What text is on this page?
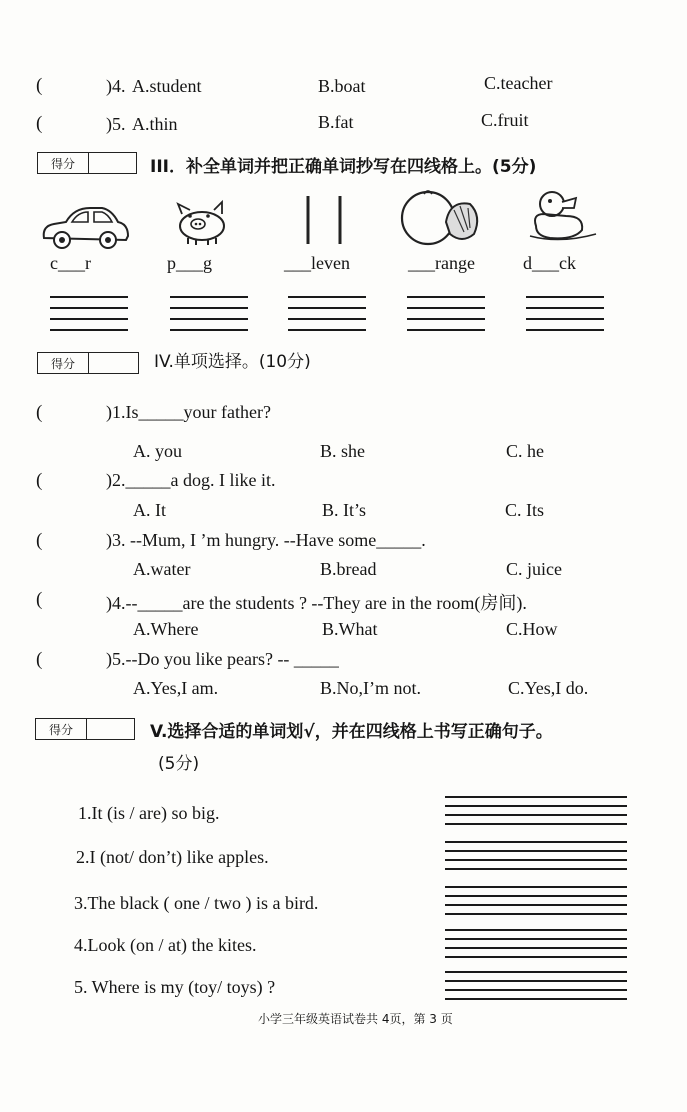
(	)4. A.student	B.boat	C.teacher
(	)5. A.thin	B.fat	C.fruit
得分	III．补全单词并把正确单词抄写在四线格上。(5分)
c___r	p___g	___leven	___range	d___ck
得分	IV.单项选择。(10分)
(	)1.Is_____your father?
A. you	B. she	C. he
(	)2._____a dog. I like it.
A. It	B. It’s	C. Its
(	)3. --Mum, I ’m hungry. --Have some_____.
A.water	B.bread	C. juice
(	)4.--_____are the students ? --They are in the room(房间).
A.Where	B.What	C.How
(	)5.--Do you like pears? -- _____
A.Yes,I am.	B.No,I’m not.	C.Yes,I do.
得分	V.选择合适的单词划√，并在四线格上书写正确句子。
(5分)
1.It (is / are) so big.
2.I (not/ don’t) like apples.
3.The black ( one / two ) is a bird.
4.Look (on / at) the kites.
5. Where is my (toy/ toys) ?
小学三年级英语试卷共 4页，第 3 页
